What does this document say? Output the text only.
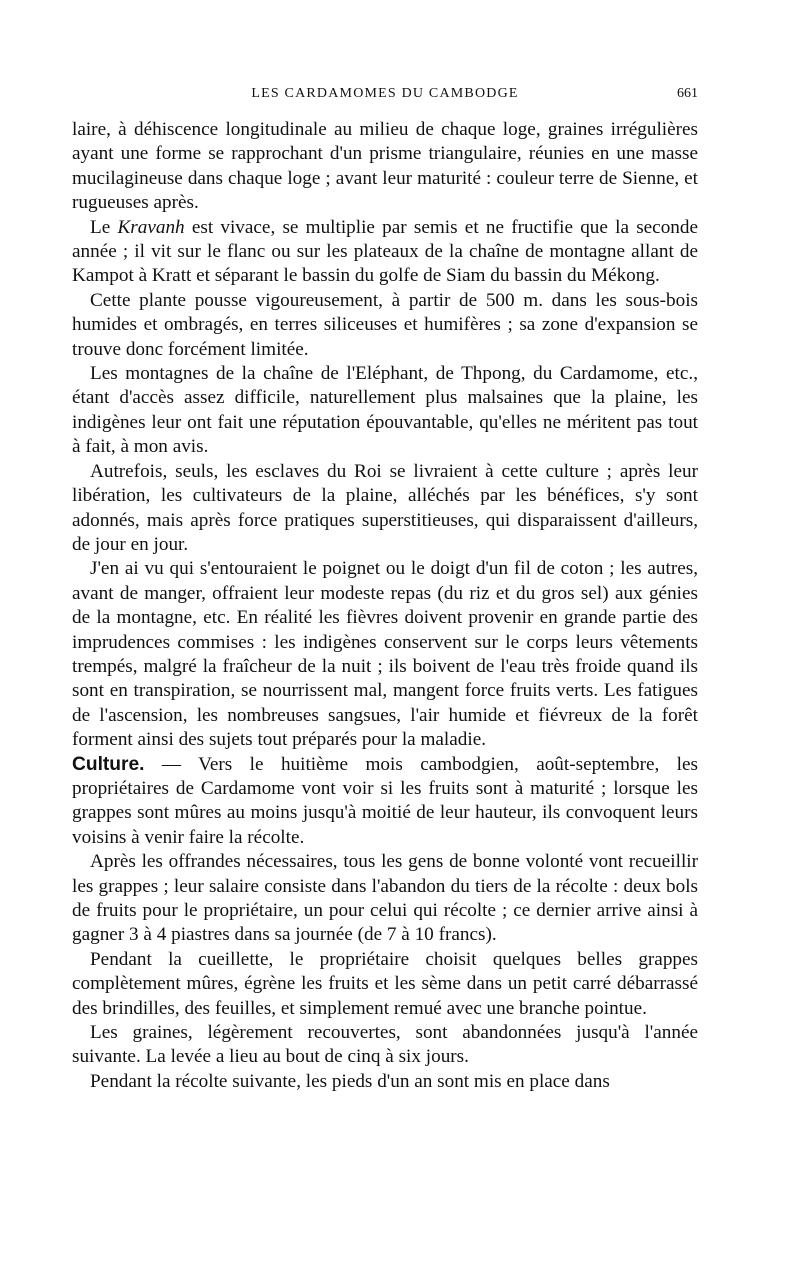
LES CARDAMOMES DU CAMBODGE	661

laire, à déhiscence longitudinale au milieu de chaque loge, graines irrégulières ayant une forme se rapprochant d'un prisme triangulaire, réunies en une masse mucilagineuse dans chaque loge ; avant leur maturité : couleur terre de Sienne, et rugueuses après.

Le Kravanh est vivace, se multiplie par semis et ne fructifie que la seconde année ; il vit sur le flanc ou sur les plateaux de la chaîne de montagne allant de Kampot à Kratt et séparant le bassin du golfe de Siam du bassin du Mékong.

Cette plante pousse vigoureusement, à partir de 500 m. dans les sous-bois humides et ombragés, en terres siliceuses et humifères ; sa zone d'expansion se trouve donc forcément limitée.

Les montagnes de la chaîne de l'Eléphant, de Thpong, du Cardamome, etc., étant d'accès assez difficile, naturellement plus malsaines que la plaine, les indigènes leur ont fait une réputation épouvantable, qu'elles ne méritent pas tout à fait, à mon avis.

Autrefois, seuls, les esclaves du Roi se livraient à cette culture ; après leur libération, les cultivateurs de la plaine, alléchés par les bénéfices, s'y sont adonnés, mais après force pratiques superstitieuses, qui disparaissent d'ailleurs, de jour en jour.

J'en ai vu qui s'entouraient le poignet ou le doigt d'un fil de coton ; les autres, avant de manger, offraient leur modeste repas (du riz et du gros sel) aux génies de la montagne, etc. En réalité les fièvres doivent provenir en grande partie des imprudences commises : les indigènes conservent sur le corps leurs vêtements trempés, malgré la fraîcheur de la nuit ; ils boivent de l'eau très froide quand ils sont en transpiration, se nourrissent mal, mangent force fruits verts. Les fatigues de l'ascension, les nombreuses sangsues, l'air humide et fiévreux de la forêt forment ainsi des sujets tout préparés pour la maladie.

Culture. — Vers le huitième mois cambodgien, août-septembre, les propriétaires de Cardamome vont voir si les fruits sont à maturité ; lorsque les grappes sont mûres au moins jusqu'à moitié de leur hauteur, ils convoquent leurs voisins à venir faire la récolte.

Après les offrandes nécessaires, tous les gens de bonne volonté vont recueillir les grappes ; leur salaire consiste dans l'abandon du tiers de la récolte : deux bols de fruits pour le propriétaire, un pour celui qui récolte ; ce dernier arrive ainsi à gagner 3 à 4 piastres dans sa journée (de 7 à 10 francs).

Pendant la cueillette, le propriétaire choisit quelques belles grappes complètement mûres, égrène les fruits et les sème dans un petit carré débarrassé des brindilles, des feuilles, et simplement remué avec une branche pointue.

Les graines, légèrement recouvertes, sont abandonnées jusqu'à l'année suivante. La levée a lieu au bout de cinq à six jours.

Pendant la récolte suivante, les pieds d'un an sont mis en place dans
